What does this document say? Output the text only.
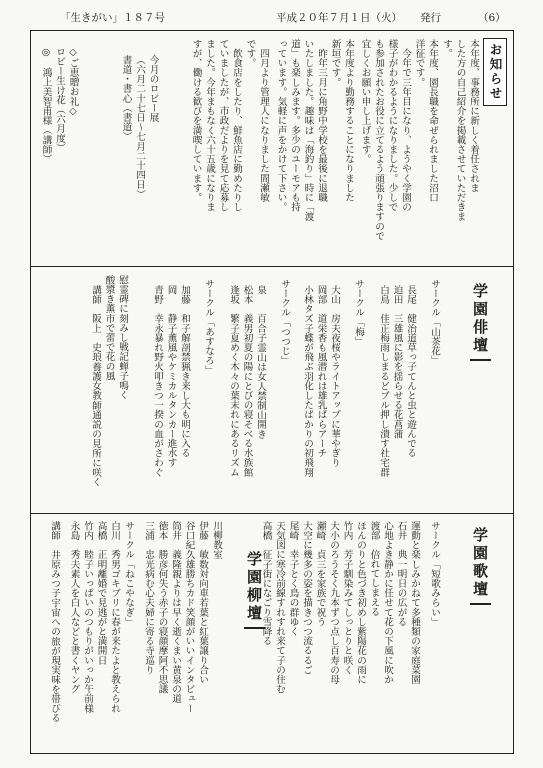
「生きがい」１８７号	平成２０年７月１日（火） 発行	（6）
お知らせ
本年度、事務所に新しく着任されま
した方の自己紹介を掲載させていただきま
す。
本年度、園長職を命ぜられました沼口
洋征です。
　今年で三年目になり、ようやく学園の
様子がわかるようになりました。少しで
も参加されたお役に立てるよう頑張りますので
宜しくお願い申し上げます。
本年度より勤務することになりました
新垣です。
　昨年三月に角野中学校を最後に退職
いたしました。趣味は「海釣り」時に「渡
道」も楽しみます。多少のユーモアも持
っています。気軽に声をかけて下さい。
　四月より管理人になりました間瀬敏
です。
　飲食店をしたり、鮮魚店に勤めたりし
ていましたが、市政だよりを見て応募し
ました。今年まもなく六十五歳になりま
すが、働ける歓びを満喫しています。
今月のロビー展
（六月二十七日～七月二十四日）
書道・書心（書道）
◇ご恵贈お礼◇
ロビー生け花（六月度）
◎　鴻上美智甫様（講師）
学園俳壇
サークル「山茶花」
道草っ子てんと虫と遊んでる
長尾　健治
風に影を揺らせる花菖蒲
迫田　三雄
梅雨しまるどブル押し潰す社宅群
白鳥　佳正
サークル「梅」
夜桜やライトアップに華やぎり
大山　房夫
香も風潜れは雄乳ばらアーチ
岡部　道栄
蝶が飛ぶ羽化したばかりの初飛翔
小林タズ子
サークル「つつじ」
霊山は女人禁制山開き
泉　　百合子
初夏の陽にとびの寝そべる水族館
松本　義男
夏めく木々の葉末れにあるリズム
逢坂　繁子
サークル「あすなろ」
解剖禁猟き来し大も明に入る
加藤　和子
薫風やケミカルタンカー進水す
岡　　静子
暴れ野火叩きつ一揆の血がさわぐ
青野　幸永
慰霊碑に刻みし戦記蝉子鳴く
酸漿き薫市で蕾で花の風
養護女教師通説の見所に咲く
講師　阪上　史琅
学園歌壇
サークル「短歌みらい」
運動と楽しみかねて多種類の家庭菜園
明日の広がる
石井　典一
心地よき静かに任せて花の下風に吹か
れてしまえる
渡部　倍
ほんのりと色づき初めし紫陽花の雨に
馴染みてしっとりと咲く
竹内　芳子
大小のろうそく九本ずつ点し百寿の母
を家族で祝う
瀬崎　貞三
大空に幾多の姿を描きつつ流るるご
とく鳥の群ゆく
尾崎　幸子
天気図に寒冷前線すれすれ来て子の住む
街になごり雪降る
高橋　征子
学園柳壇
川柳教室
対向車若葉と紅葉譲り合い
伊藤　敏数
勝ちカド笑顔がいいインタビュー
谷口紀久雄
親よりは早く逝くまい黄泉の道
筒井　義隆
何失う赤子の寝顔摩阿不思議
徳本　勝彦
病む心夫婦に寄る寺巡り
三浦　忠光
サークル「ねこやなぎ」
ゴキブリに春が来たよと教えられ
白川　秀男
離婚で見逃がと満開日
高橋　正明
いっぱいのつもりがいっか午前様
竹内　睦子
素人を白人などと書くヤング
永島　秀夫
宇宙への旅が現実味を帯びる
講師　井原みつ子
